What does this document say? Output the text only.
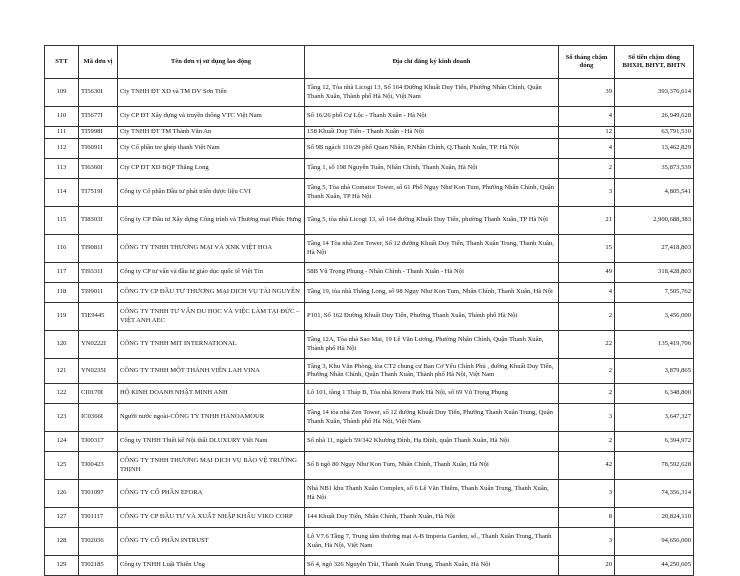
STT	Mã đơn vị	Tên đơn vị sử dụng lao động	Địa chỉ đăng ký kinh doanh	Số tháng chậm đóng	Số tiền chậm đóng BHXH, BHYT, BHTN
109	TI5630I	Cty TNHH ĐT XD và TM DV Sơn Tiến	Tầng 12, Tòa nhà Licogi 13, Số 164 Đường Khuất Duy Tiến, Phường Nhân Chính, Quận Thanh Xuân, Thành phố Hà Nội, Việt Nam	39	393,376,614
110	TI5677I	Cty CP ĐT Xây dựng và truyền thông VTC Việt Nam	Số 16/26 phố Cự Lộc - Thanh Xuân - Hà Nội	4	26,949,628
111	TI5998I	Cty TNHH ĐT TM Thành Văn An	158 Khuất Duy Tiến - Thanh Xuân - Hà Nội	12	63,791,510
112	TI6091I	Cty Cổ phần tre ghép thanh Việt Nam	Số 9B ngách 110/29 phố Quan Nhân, P.Nhân Chính, Q.Thanh Xuân, TP. Hà Nội	4	13,462,829
113	TI6360I	Cty CP ĐT XD BQP Thăng Long	Tầng 1, số 198 Nguyễn Tuân, Nhân Chính, Thanh Xuân, Hà Nội	2	35,873,539
114	TI7519I	Công ty Cổ phần Đầu tư phát triển dược liệu CVI	Tầng 5, Tòa nhà Comatce Tower, số 61 Phố Ngụy Như Kon Tum, Phường Nhân Chính, Quận Thanh Xuân, TP Hà Nội	3	4,805,541
115	TI8303I	Công ty CP Đầu tư Xây dựng Công trình và Thương mại Phúc Hưng	Tầng 5, tòa nhà Licogi 13, số 164 đường Khuất Duy Tiến, phường Thanh Xuân, TP Hà Nội	21	2,900,688,383
116	TI9081I	CÔNG TY TNHH THƯƠNG MẠI VÀ XNK VIỆT HOA	Tầng 14 Tòa nhà Zen Tower, Số 12 đường Khuất Duy Tiến, Thanh Xuân Trung, Thanh Xuân, Hà Nội	15	27,418,803
117	TI9331I	Công ty CP tư vấn và đầu tư giáo dục quốc tế Việt Tín	58B Vũ Trọng Phụng - Nhân Chính - Thanh Xuân - Hà Nội	49	318,428,803
118	TI9901I	CÔNG TY CP ĐẦU TƯ THƯƠNG MẠI DỊCH VỤ TÀI NGUYÊN	Tầng 19, tòa nhà Thăng Long, số 98 Ngụy Như Kon Tum, Nhân Chính, Thanh Xuân, Hà Nội	4	7,505,762
119	TIE9445	CÔNG TY TNHH TƯ VẤN DU HỌC VÀ VIỆC LÀM TẠI ĐỨC – VIỆT ANH AEC	P101, Số 162 Đường Khuất Duy Tiến, Phường Thanh Xuân, Thành phố Hà Nội	2	3,456,000
120	YN0222I	CÔNG TY TNHH MIT INTERNATIONAL	Tầng 12A, Tòa nhà Sao Mai, 19 Lê Văn Lương, Phường Nhân Chính, Quận Thanh Xuân, Thành phố Hà Nội	22	135,419,706
121	YN0235I	CÔNG TY TNHH MỘT THÀNH VIÊN LAH VINA	Tầng 3, Khu Văn Phòng, tòa CT2 chung cư Ban Cơ Yếu Chính Phủ , đường Khuất Duy Tiến, Phường Nhân Chính, Quận Thanh Xuân, Thành phố Hà Nội, Việt Nam	2	3,879,865
122	CI0170I	HỘ KINH DOANH NHẬT MINH ANH	Lô 101, tầng 1 Tháp B, Tòa nhà Rivera Park Hà Nội, số 69 Vũ Trọng Phụng	2	6,348,800
123	IC0366I	Người nước ngoài-CÔNG TY TNHH HANOAMOUR	Tầng 14 tòa nhà Zen Tower, số 12 đường Khuất Duy Tiến, Phường Thanh Xuân Trung, Quận Thanh Xuân, Thành phố Hà Nội, Việt Nam	3	3,647,327
124	TI00317	Công ty TNHH Thiết kế Nội thất DLUXURY Việt Nam	Số nhà 11, ngách 59/342 Khương Đình, Hạ Đình, quận Thanh Xuân, Hà Nội	2	6,394,972
125	TI00423	CÔNG TY TNHH THƯƠNG MẠI DỊCH VỤ BẢO VỆ TRƯỜNG THỊNH	Số 8 ngõ 80 Ngụy Như Kon Tum, Nhân Chính, Thanh Xuân, Hà Nội	42	78,592,628
126	TI01097	CÔNG TY CỔ PHẦN EFORA	Nhà NB1 khu Thanh Xuân Complex, số 6 Lê Văn Thiêm, Thanh Xuân Trung, Thanh Xuân, Hà Nội	3	74,356,314
127	TI01117	CÔNG TY CP ĐẦU TƯ VÀ XUẤT NHẬP KHẨU VIKO CORP	144 Khuất Duy Tiến, Nhân Chính, Thanh Xuân, Hà Nội	8	20,824,110
128	TI02036	CÔNG TY CỔ PHẦN INTRUST	Lô V7.6 Tầng 7, Trung tâm thương mại A-B Imperia Garden, số., Thanh Xuân Trung, Thanh Xuân, Hà Nội, Việt Nam	3	94,656,000
129	TI02185	Công ty TNHH Luật Thiên Ưng	Số 4, ngõ 326 Nguyễn Trãi, Thanh Xuân Trung, Thanh Xuân, Hà Nội	20	44,250,605
